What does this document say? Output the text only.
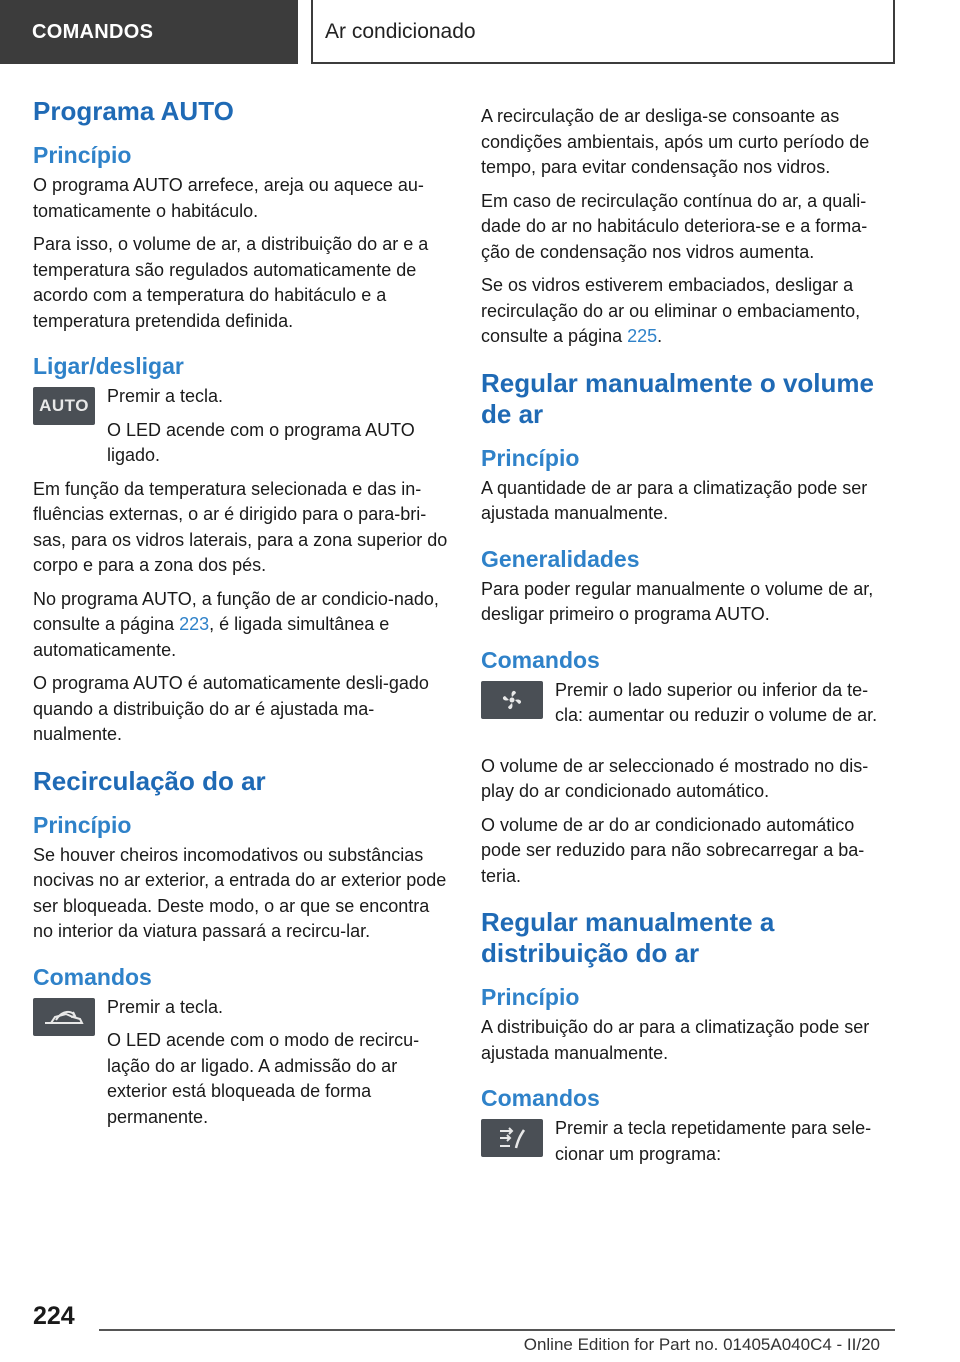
COMANDOS	Ar condicionado
Programa AUTO
Princípio

O programa AUTO arrefece, areja ou aquece au-tomaticamente o habitáculo.

Para isso, o volume de ar, a distribuição do ar e a temperatura são regulados automaticamente de acordo com a temperatura do habitáculo e a temperatura pretendida definida.

Ligar/desligar
AUTO Premir a tecla.

O LED acende com o programa AUTO ligado.

Em função da temperatura selecionada e das in-fluências externas, o ar é dirigido para o para-bri-sas, para os vidros laterais, para a zona superior do corpo e para a zona dos pés.

No programa AUTO, a função de ar condicio-nado, consulte a página 223, é ligada simultânea e automaticamente.

O programa AUTO é automaticamente desli-gado quando a distribuição do ar é ajustada ma-nualmente.

Recirculação do ar
Princípio

Se houver cheiros incomodativos ou substâncias nocivas no ar exterior, a entrada do ar exterior pode ser bloqueada. Deste modo, o ar que se encontra no interior da viatura passará a recircu-lar.

Comandos

Premir a tecla.

O LED acende com o modo de recircu-lação do ar ligado. A admissão do ar exterior está bloqueada de forma permanente.

A recirculação de ar desliga-se consoante as condições ambientais, após um curto período de tempo, para evitar condensação nos vidros.

Em caso de recirculação contínua do ar, a quali-dade do ar no habitáculo deteriora-se e a forma-ção de condensação nos vidros aumenta.

Se os vidros estiverem embaciados, desligar a recirculação do ar ou eliminar o embaciamento, consulte a página 225.

Regular manualmente o volume de ar
Princípio

A quantidade de ar para a climatização pode ser ajustada manualmente.

Generalidades

Para poder regular manualmente o volume de ar, desligar primeiro o programa AUTO.

Comandos

Premir o lado superior ou inferior da te-cla: aumentar ou reduzir o volume de ar.

O volume de ar seleccionado é mostrado no dis-play do ar condicionado automático.

O volume de ar do ar condicionado automático pode ser reduzido para não sobrecarregar a ba-teria.

Regular manualmente a distribuição do ar
Princípio

A distribuição do ar para a climatização pode ser ajustada manualmente.

Comandos

Premir a tecla repetidamente para sele-cionar um programa:

224
Online Edition for Part no. 01405A040C4 - II/20
